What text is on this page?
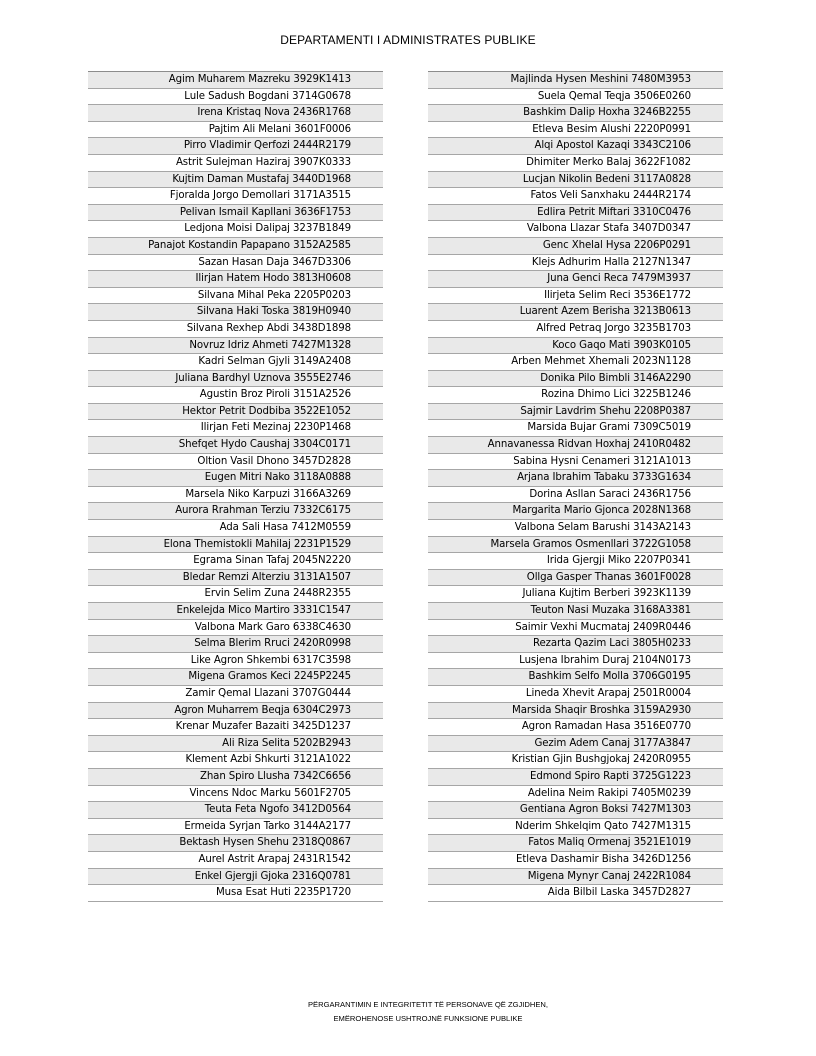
DEPARTAMENTI I ADMINISTRATES PUBLIKE
Agim Muharem Mazreku 3929K1413
Lule Sadush Bogdani 3714G0678
Irena Kristaq Nova 2436R1768
Pajtim Ali Melani 3601F0006
Pirro Vladimir Qerfozi 2444R2179
Astrit Sulejman Haziraj 3907K0333
Kujtim Daman Mustafaj 3440D1968
Fjoralda Jorgo Demollari 3171A3515
Pelivan Ismail Kapllani 3636F1753
Ledjona Moisi Dalipaj 3237B1849
Panajot Kostandin Papapano 3152A2585
Sazan Hasan Daja 3467D3306
Ilirjan Hatem Hodo 3813H0608
Silvana Mihal Peka 2205P0203
Silvana Haki Toska 3819H0940
Silvana Rexhep Abdi 3438D1898
Novruz Idriz Ahmeti 7427M1328
Kadri Selman Gjyli 3149A2408
Juliana Bardhyl Uznova 3555E2746
Agustin Broz Piroli 3151A2526
Hektor Petrit Dodbiba 3522E1052
Ilirjan Feti Mezinaj 2230P1468
Shefqet Hydo Caushaj 3304C0171
Oltion Vasil Dhono 3457D2828
Eugen Mitri Nako 3118A0888
Marsela Niko Karpuzi 3166A3269
Aurora Rrahman Terziu 7332C6175
Ada Sali Hasa 7412M0559
Elona Themistokli Mahilaj 2231P1529
Egrama Sinan Tafaj 2045N2220
Bledar Remzi Alterziu 3131A1507
Ervin Selim Zuna 2448R2355
Enkelejda Mico Martiro 3331C1547
Valbona Mark Garo 6338C4630
Selma Blerim Rruci 2420R0998
Like Agron Shkembi 6317C3598
Migena Gramos Keci 2245P2245
Zamir Qemal Llazani 3707G0444
Agron Muharrem Beqja 6304C2973
Krenar Muzafer Bazaiti 3425D1237
Ali Riza Selita 5202B2943
Klement Azbi Shkurti 3121A1022
Zhan Spiro Llusha 7342C6656
Vincens Ndoc Marku 5601F2705
Teuta Feta Ngofo 3412D0564
Ermeida Syrjan Tarko 3144A2177
Bektash Hysen Shehu 2318Q0867
Aurel Astrit Arapaj 2431R1542
Enkel Gjergji Gjoka 2316Q0781
Musa Esat Huti 2235P1720
Majlinda Hysen Meshini 7480M3953
Suela Qemal Teqja 3506E0260
Bashkim Dalip Hoxha 3246B2255
Etleva Besim Alushi 2220P0991
Alqi Apostol Kazaqi 3343C2106
Dhimiter Merko Balaj 3622F1082
Lucjan Nikolin Bedeni 3117A0828
Fatos Veli Sanxhaku 2444R2174
Edlira Petrit Miftari 3310C0476
Valbona Llazar Stafa 3407D0347
Genc Xhelal Hysa 2206P0291
Klejs Adhurim Halla 2127N1347
Juna Genci Reca 7479M3937
Ilirjeta Selim Reci 3536E1772
Luarent Azem Berisha 3213B0613
Alfred Petraq Jorgo 3235B1703
Koco Gaqo Mati 3903K0105
Arben Mehmet Xhemali 2023N1128
Donika Pilo Bimbli 3146A2290
Rozina Dhimo Lici 3225B1246
Sajmir Lavdrim Shehu 2208P0387
Marsida Bujar Grami 7309C5019
Annavanessa Ridvan Hoxhaj 2410R0482
Sabina Hysni Cenameri 3121A1013
Arjana Ibrahim Tabaku 3733G1634
Dorina Asllan Saraci 2436R1756
Margarita Mario Gjonca 2028N1368
Valbona Selam Barushi 3143A2143
Marsela Gramos Osmenllari 3722G1058
Irida Gjergji Miko 2207P0341
Ollga Gasper Thanas 3601F0028
Juliana Kujtim Berberi 3923K1139
Teuton Nasi Muzaka 3168A3381
Saimir Vexhi Mucmataj 2409R0446
Rezarta Qazim Laci 3805H0233
Lusjena Ibrahim Duraj 2104N0173
Bashkim Selfo Molla 3706G0195
Lineda Xhevit Arapaj 2501R0004
Marsida Shaqir Broshka 3159A2930
Agron Ramadan Hasa 3516E0770
Gezim Adem Canaj 3177A3847
Kristian Gjin Bushgjokaj 2420R0955
Edmond Spiro Rapti 3725G1223
Adelina Neim Rakipi 7405M0239
Gentiana Agron Boksi 7427M1303
Nderim Shkelqim Qato 7427M1315
Fatos Maliq Ormenaj 3521E1019
Etleva Dashamir Bisha 3426D1256
Migena Mynyr Canaj 2422R1084
Aida Bilbil Laska 3457D2827
PËRGARANTIMIN E INTEGRITETIT TË PERSONAVE QË ZGJIDHEN,
EMËROHENOSE USHTROJNË FUNKSIONE PUBLIKE
